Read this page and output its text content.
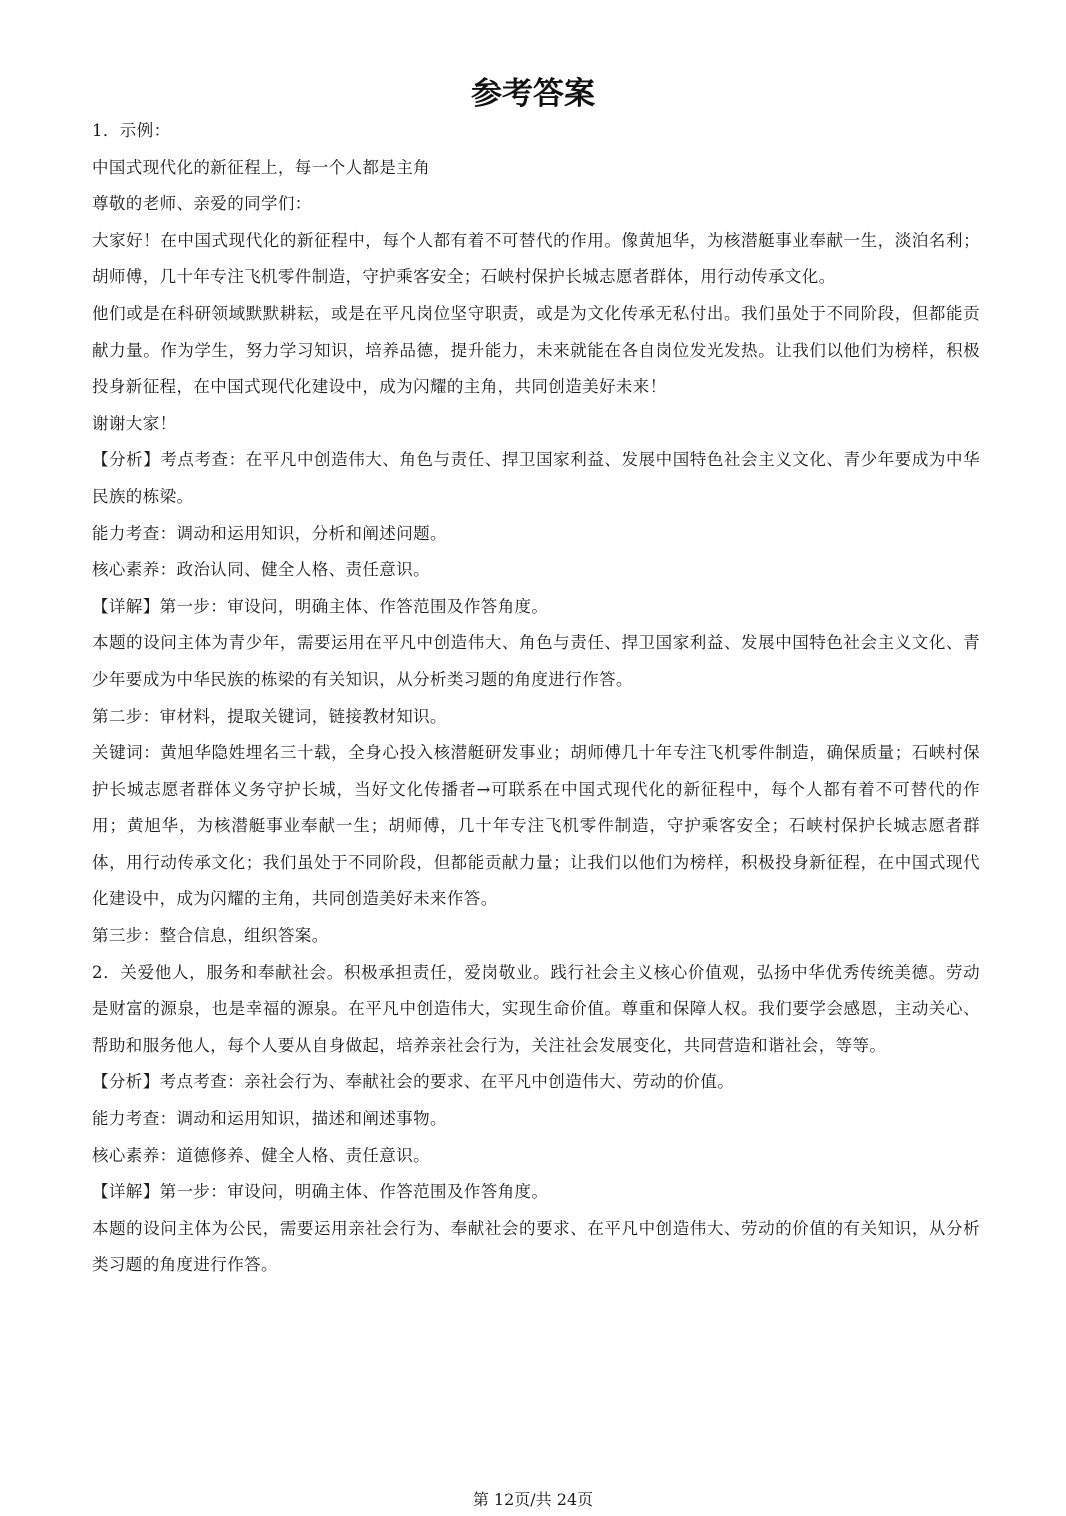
参考答案

1．示例：

中国式现代化的新征程上，每一个人都是主角

尊敬的老师、亲爱的同学们：

大家好！在中国式现代化的新征程中，每个人都有着不可替代的作用。像黄旭华，为核潜艇事业奉献一生，淡泊名利；胡师傅，几十年专注飞机零件制造，守护乘客安全；石峡村保护长城志愿者群体，用行动传承文化。

他们或是在科研领域默默耕耘，或是在平凡岗位坚守职责，或是为文化传承无私付出。我们虽处于不同阶段，但都能贡献力量。作为学生，努力学习知识，培养品德，提升能力，未来就能在各自岗位发光发热。让我们以他们为榜样，积极投身新征程，在中国式现代化建设中，成为闪耀的主角，共同创造美好未来！

谢谢大家！

【分析】考点考查：在平凡中创造伟大、角色与责任、捍卫国家利益、发展中国特色社会主义文化、青少年要成为中华民族的栋梁。

能力考查：调动和运用知识，分析和阐述问题。

核心素养：政治认同、健全人格、责任意识。

【详解】第一步：审设问，明确主体、作答范围及作答角度。

本题的设问主体为青少年，需要运用在平凡中创造伟大、角色与责任、捍卫国家利益、发展中国特色社会主义文化、青少年要成为中华民族的栋梁的有关知识，从分析类习题的角度进行作答。

第二步：审材料，提取关键词，链接教材知识。

关键词：黄旭华隐姓埋名三十载，全身心投入核潜艇研发事业；胡师傅几十年专注飞机零件制造，确保质量；石峡村保护长城志愿者群体义务守护长城，当好文化传播者→可联系在中国式现代化的新征程中，每个人都有着不可替代的作用；黄旭华，为核潜艇事业奉献一生；胡师傅，几十年专注飞机零件制造，守护乘客安全；石峡村保护长城志愿者群体，用行动传承文化；我们虽处于不同阶段，但都能贡献力量；让我们以他们为榜样，积极投身新征程，在中国式现代化建设中，成为闪耀的主角，共同创造美好未来作答。

第三步：整合信息，组织答案。

2．关爱他人，服务和奉献社会。积极承担责任，爱岗敬业。践行社会主义核心价值观，弘扬中华优秀传统美德。劳动是财富的源泉，也是幸福的源泉。在平凡中创造伟大，实现生命价值。尊重和保障人权。我们要学会感恩，主动关心、帮助和服务他人，每个人要从自身做起，培养亲社会行为，关注社会发展变化，共同营造和谐社会，等等。

【分析】考点考查：亲社会行为、奉献社会的要求、在平凡中创造伟大、劳动的价值。

能力考查：调动和运用知识，描述和阐述事物。

核心素养：道德修养、健全人格、责任意识。

【详解】第一步：审设问，明确主体、作答范围及作答角度。

本题的设问主体为公民，需要运用亲社会行为、奉献社会的要求、在平凡中创造伟大、劳动的价值的有关知识，从分析类习题的角度进行作答。

第 12页/共 24页
